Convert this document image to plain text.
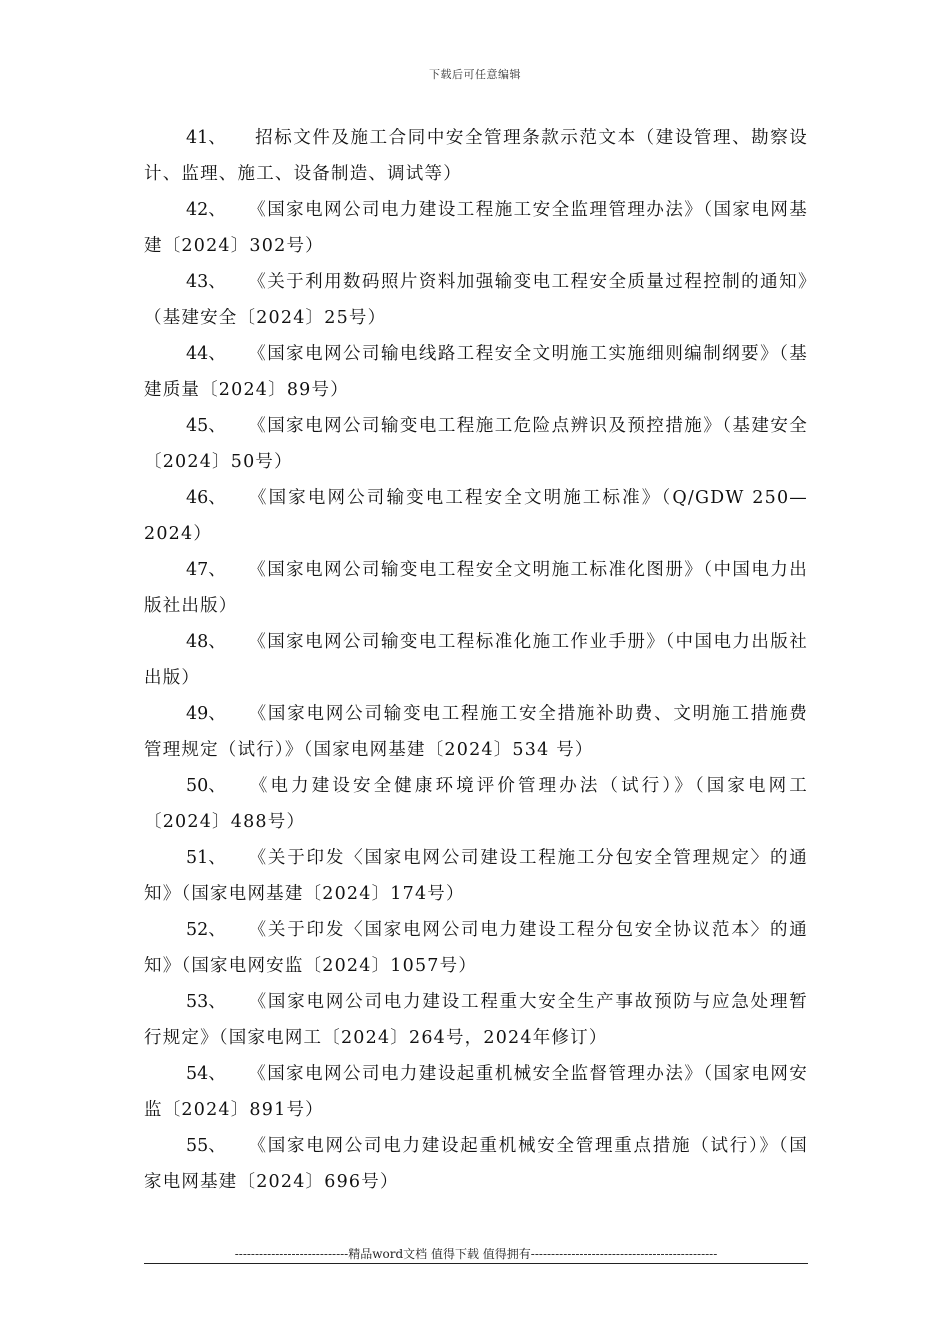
下载后可任意编辑

41、 招标文件及施工合同中安全管理条款示范文本（建设管理、勘察设计、监理、施工、设备制造、调试等）

42、 《国家电网公司电力建设工程施工安全监理管理办法》（国家电网基建〔2024〕302号）

43、 《关于利用数码照片资料加强输变电工程安全质量过程控制的通知》（基建安全〔2024〕25号）

44、 《国家电网公司输电线路工程安全文明施工实施细则编制纲要》（基建质量〔2024〕89号）

45、 《国家电网公司输变电工程施工危险点辨识及预控措施》（基建安全〔2024〕50号）

46、 《国家电网公司输变电工程安全文明施工标准》（Q/GDW 250—2024）

47、 《国家电网公司输变电工程安全文明施工标准化图册》（中国电力出版社出版）

48、 《国家电网公司输变电工程标准化施工作业手册》（中国电力出版社出版）

49、 《国家电网公司输变电工程施工安全措施补助费、文明施工措施费管理规定（试行）》（国家电网基建〔2024〕534 号）

50、 《电力建设安全健康环境评价管理办法（试行）》（国家电网工〔2024〕488号）

51、 《关于印发〈国家电网公司建设工程施工分包安全管理规定〉的通知》（国家电网基建〔2024〕174号）

52、 《关于印发〈国家电网公司电力建设工程分包安全协议范本〉的通知》（国家电网安监〔2024〕1057号）

53、 《国家电网公司电力建设工程重大安全生产事故预防与应急处理暂行规定》（国家电网工〔2024〕264号，2024年修订）

54、 《国家电网公司电力建设起重机械安全监督管理办法》（国家电网安监〔2024〕891号）

55、 《国家电网公司电力建设起重机械安全管理重点措施（试行）》（国家电网基建〔2024〕696号）

----------------------------精品word文档 值得下载 值得拥有----------------------------------------------
